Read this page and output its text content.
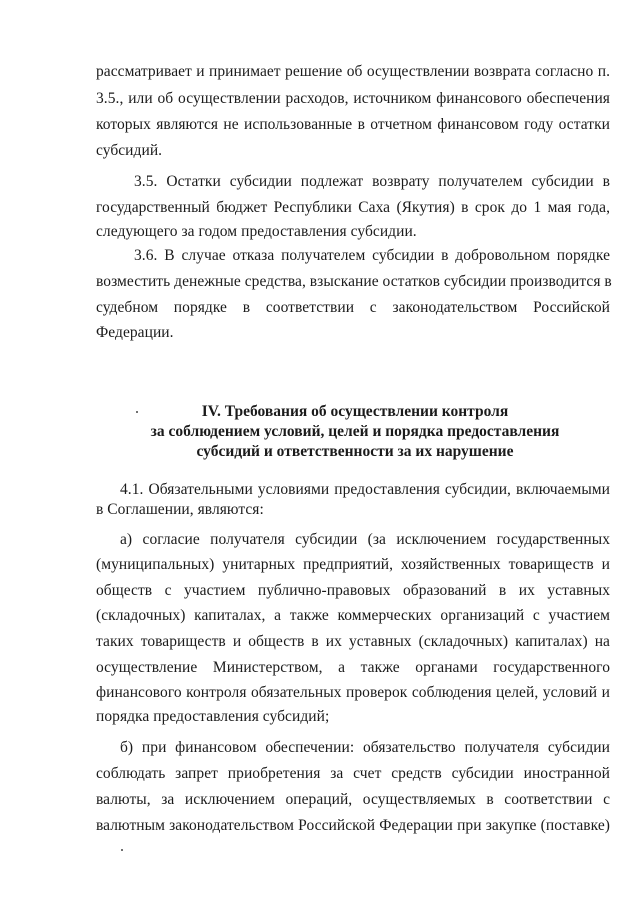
рассматривает и принимает решение об осуществлении возврата согласно п.
3.5., или об осуществлении расходов, источником финансового обеспечения
которых являются не использованные в отчетном финансовом году остатки
субсидий.
3.5. Остатки субсидии подлежат возврату получателем субсидии в
государственный бюджет Республики Саха (Якутия) в срок до 1 мая года,
следующего за годом предоставления субсидии.
3.6. В случае отказа получателем субсидии в добровольном порядке
возместить денежные средства, взыскание остатков субсидии производится в
судебном порядке в соответствии с законодательством Российской
Федерации.
IV. Требования об осуществлении контроля
за соблюдением условий, целей и порядка предоставления
субсидий и ответственности за их нарушение
4.1. Обязательными условиями предоставления субсидии, включаемыми
в Соглашении, являются:
а) согласие получателя субсидии (за исключением государственных
(муниципальных) унитарных предприятий, хозяйственных товариществ и
обществ с участием публично-правовых образований в их уставных
(складочных) капиталах, а также коммерческих организаций с участием
таких товариществ и обществ в их уставных (складочных) капиталах) на
осуществление Министерством, а также органами государственного
финансового контроля обязательных проверок соблюдения целей, условий и
порядка предоставления субсидий;
б) при финансовом обеспечении: обязательство получателя субсидии
соблюдать запрет приобретения за счет средств субсидии иностранной
валюты, за исключением операций, осуществляемых в соответствии с
валютным законодательством Российской Федерации при закупке (поставке)
